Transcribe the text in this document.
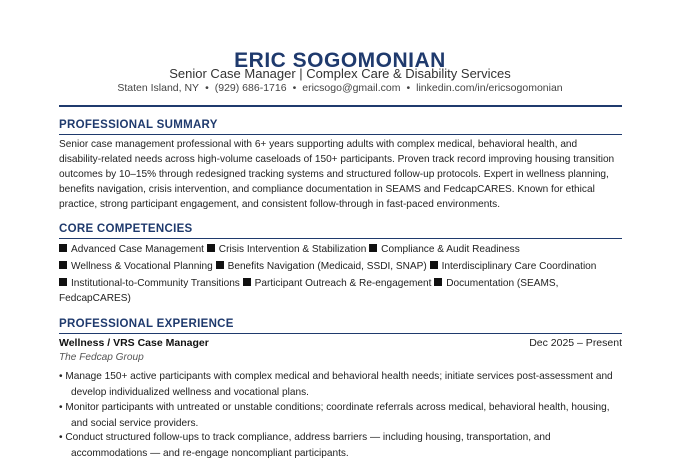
ERIC SOGOMONIAN
Senior Case Manager | Complex Care & Disability Services
Staten Island, NY • (929) 686-1716 • ericsogo@gmail.com • linkedin.com/in/ericsogomonian
PROFESSIONAL SUMMARY
Senior case management professional with 6+ years supporting adults with complex medical, behavioral health, and
disability-related needs across high-volume caseloads of 150+ participants. Proven track record improving housing transition
outcomes by 10–15% through redesigned tracking systems and structured follow-up protocols. Expert in wellness planning,
benefits navigation, crisis intervention, and compliance documentation in SEAMS and FedcapCARES. Known for ethical
practice, strong participant engagement, and consistent follow-through in fast-paced environments.
CORE COMPETENCIES
Advanced Case Management Crisis Intervention & Stabilization Compliance & Audit Readiness
Wellness & Vocational Planning Benefits Navigation (Medicaid, SSDI, SNAP) Interdisciplinary Care Coordination
Institutional-to-Community Transitions Participant Outreach & Re-engagement Documentation (SEAMS,
FedcapCARES)
PROFESSIONAL EXPERIENCE
Wellness / VRS Case Manager	Dec 2025 – Present
The Fedcap Group
• Manage 150+ active participants with complex medical and behavioral health needs; initiate services post-assessment and
develop individualized wellness and vocational plans.
• Monitor participants with untreated or unstable conditions; coordinate referrals across medical, behavioral health, housing,
and social service providers.
• Conduct structured follow-ups to track compliance, address barriers — including housing, transportation, and
accommodations — and re-engage noncompliant participants.
